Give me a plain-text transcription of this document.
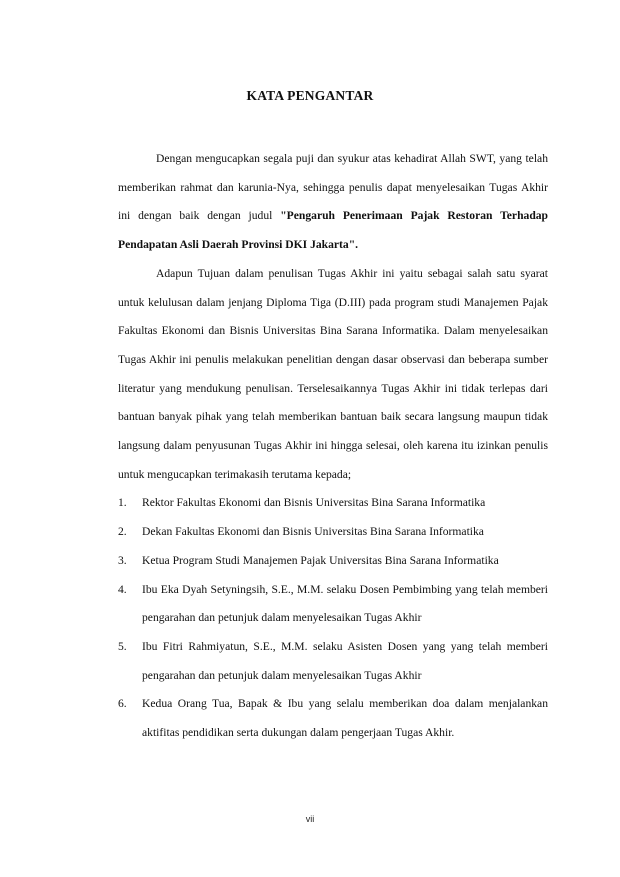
KATA PENGANTAR

Dengan mengucapkan segala puji dan syukur atas kehadirat Allah SWT, yang telah memberikan rahmat dan karunia-Nya, sehingga penulis dapat menyelesaikan Tugas Akhir ini dengan baik dengan judul "Pengaruh Penerimaan Pajak Restoran Terhadap Pendapatan Asli Daerah Provinsi DKI Jakarta".

Adapun Tujuan dalam penulisan Tugas Akhir ini yaitu sebagai salah satu syarat untuk kelulusan dalam jenjang Diploma Tiga (D.III) pada program studi Manajemen Pajak Fakultas Ekonomi dan Bisnis Universitas Bina Sarana Informatika. Dalam menyelesaikan Tugas Akhir ini penulis melakukan penelitian dengan dasar observasi dan beberapa sumber literatur yang mendukung penulisan. Terselesaikannya Tugas Akhir ini tidak terlepas dari bantuan banyak pihak yang telah memberikan bantuan baik secara langsung maupun tidak langsung dalam penyusunan Tugas Akhir ini hingga selesai, oleh karena itu izinkan penulis untuk mengucapkan terimakasih terutama kepada;

1. Rektor Fakultas Ekonomi dan Bisnis Universitas Bina Sarana Informatika
2. Dekan Fakultas Ekonomi dan Bisnis Universitas Bina Sarana Informatika
3. Ketua Program Studi Manajemen Pajak Universitas Bina Sarana Informatika
4. Ibu Eka Dyah Setyningsih, S.E., M.M. selaku Dosen Pembimbing yang telah memberi pengarahan dan petunjuk dalam menyelesaikan Tugas Akhir
5. Ibu Fitri Rahmiyatun, S.E., M.M. selaku Asisten Dosen yang yang telah memberi pengarahan dan petunjuk dalam menyelesaikan Tugas Akhir
6. Kedua Orang Tua, Bapak & Ibu yang selalu memberikan doa dalam menjalankan aktifitas pendidikan serta dukungan dalam pengerjaan Tugas Akhir.
vii
